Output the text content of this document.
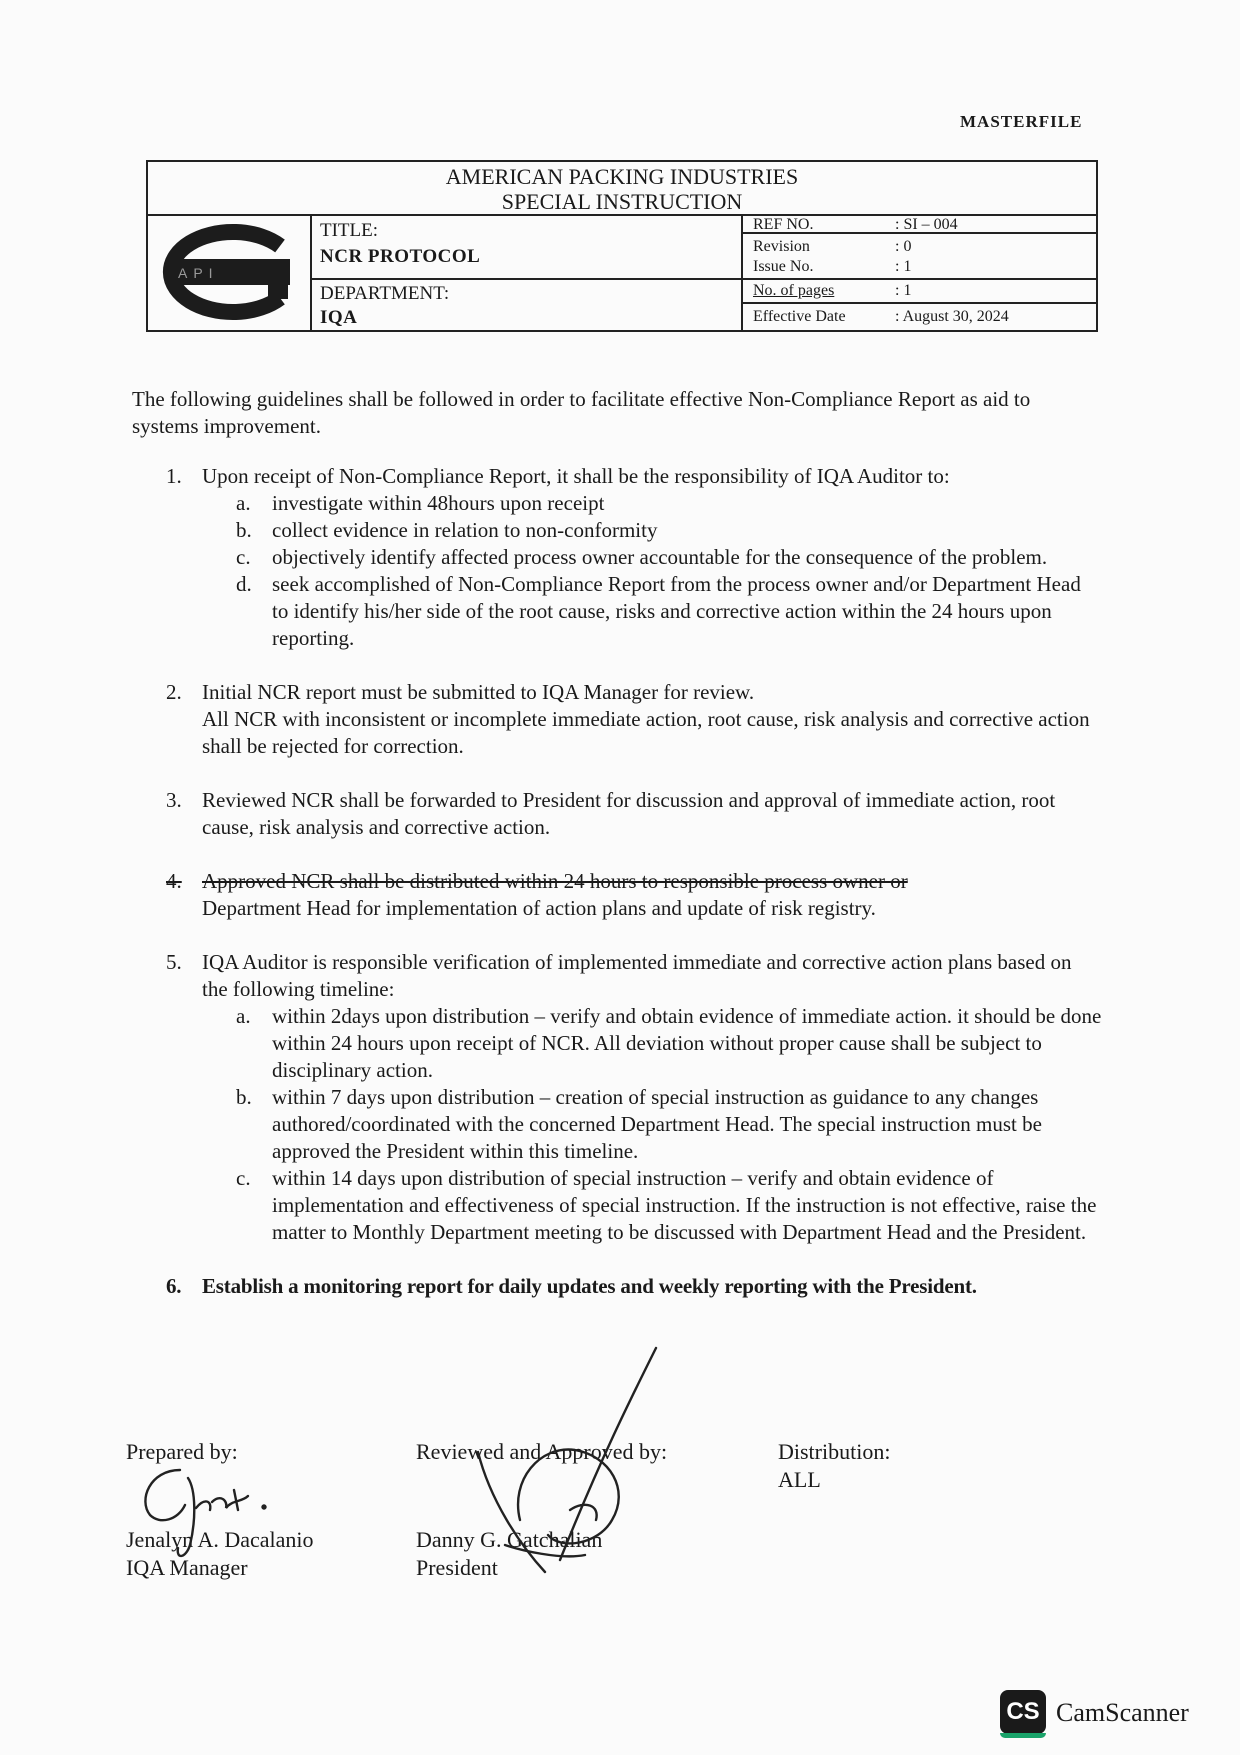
MASTERFILE
AMERICAN PACKING INDUSTRIES
SPECIAL INSTRUCTION
API
TITLE:
NCR PROTOCOL
DEPARTMENT:
IQA
REF NO.	: SI – 004
Revision	: 0
Issue No.	: 1
No. of pages	: 1
Effective Date	: August 30, 2024

The following guidelines shall be followed in order to facilitate effective Non-Compliance Report as aid to systems improvement.

1. Upon receipt of Non-Compliance Report, it shall be the responsibility of IQA Auditor to:
a. investigate within 48hours upon receipt
b. collect evidence in relation to non-conformity
c. objectively identify affected process owner accountable for the consequence of the problem.
d. seek accomplished of Non-Compliance Report from the process owner and/or Department Head to identify his/her side of the root cause, risks and corrective action within the 24 hours upon reporting.
2. Initial NCR report must be submitted to IQA Manager for review.
All NCR with inconsistent or incomplete immediate action, root cause, risk analysis and corrective action shall be rejected for correction.
3. Reviewed NCR shall be forwarded to President for discussion and approval of immediate action, root cause, risk analysis and corrective action.
4. Approved NCR shall be distributed within 24 hours to responsible process owner or
Department Head for implementation of action plans and update of risk registry.
5. IQA Auditor is responsible verification of implemented immediate and corrective action plans based on the following timeline:
a. within 2days upon distribution – verify and obtain evidence of immediate action. it should be done within 24 hours upon receipt of NCR. All deviation without proper cause shall be subject to disciplinary action.
b. within 7 days upon distribution – creation of special instruction as guidance to any changes authored/coordinated with the concerned Department Head. The special instruction must be approved the President within this timeline.
c. within 14 days upon distribution of special instruction – verify and obtain evidence of implementation and effectiveness of special instruction. If the instruction is not effective, raise the matter to Monthly Department meeting to be discussed with Department Head and the President.
6. Establish a monitoring report for daily updates and weekly reporting with the President.
Prepared by:	Reviewed and Approved by:	Distribution:
ALL
Jenalyn A. Dacalanio
IQA Manager
Danny G. Gatchalian
President
CS CamScanner
